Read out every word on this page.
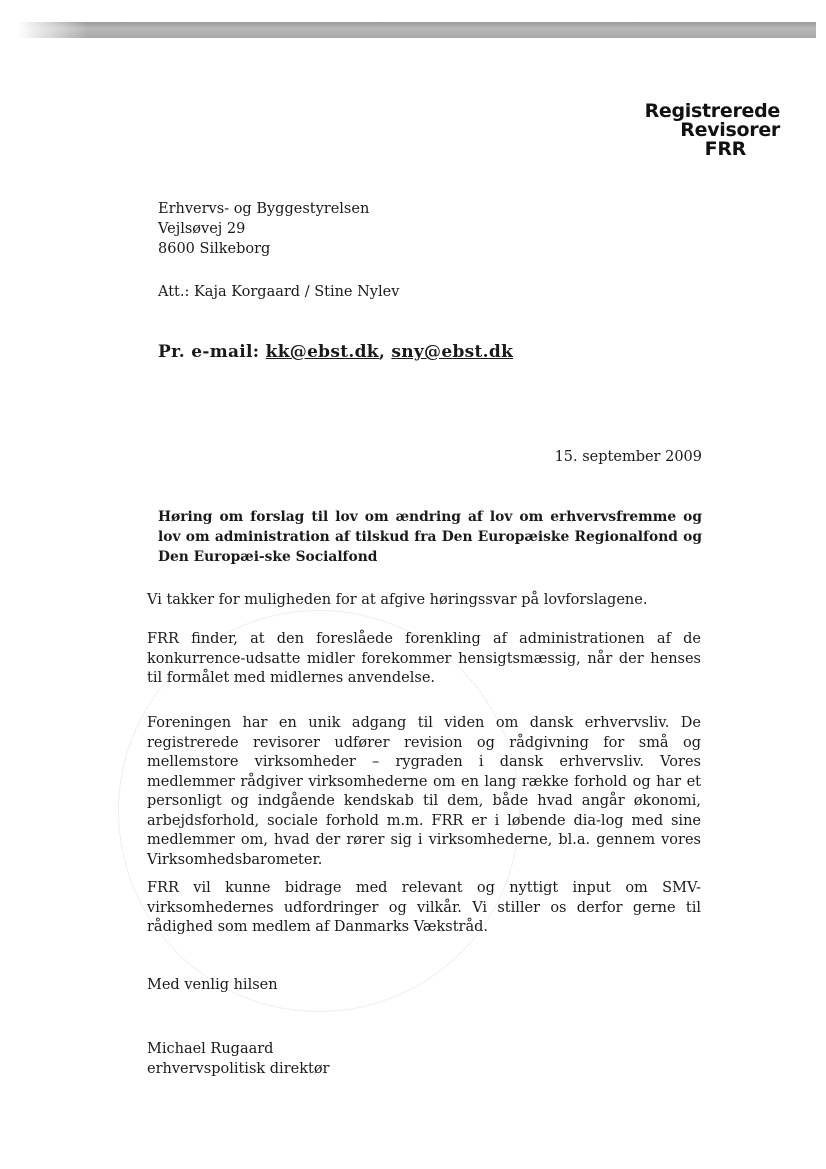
Registrerede
Revisorer
FRR
Erhvervs- og Byggestyrelsen
Vejlsøvej 29
8600 Silkeborg
Att.: Kaja Korgaard / Stine Nylev
Pr. e-mail: kk@ebst.dk, sny@ebst.dk
15. september 2009
Høring om forslag til lov om ændring af lov om erhvervsfremme og lov om administration af tilskud fra Den Europæiske Regionalfond og Den Europæi-ske Socialfond
Vi takker for muligheden for at afgive høringssvar på lovforslagene.
FRR finder, at den foreslåede forenkling af administrationen af de konkurrence-udsatte midler forekommer hensigtsmæssig, når der henses til formålet med midlernes anvendelse.
Foreningen har en unik adgang til viden om dansk erhvervsliv. De registrerede revisorer udfører revision og rådgivning for små og mellemstore virksomheder – rygraden i dansk erhvervsliv. Vores medlemmer rådgiver virksomhederne om en lang række forhold og har et personligt og indgående kendskab til dem, både hvad angår økonomi, arbejdsforhold, sociale forhold m.m. FRR er i løbende dia-log med sine medlemmer om, hvad der rører sig i virksomhederne, bl.a. gennem vores Virksomhedsbarometer.
FRR vil kunne bidrage med relevant og nyttigt input om SMV-virksomhedernes udfordringer og vilkår. Vi stiller os derfor gerne til rådighed som medlem af Danmarks Vækstråd.
Med venlig hilsen
Michael Rugaard
erhvervspolitisk direktør
